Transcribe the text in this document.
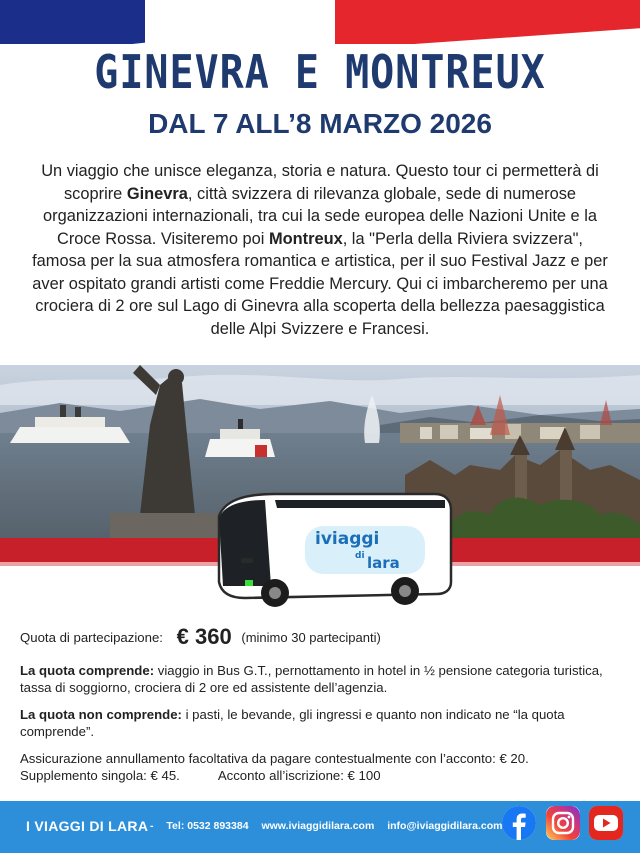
GINEVRA E MONTREUX
DAL 7 ALL’8 MARZO 2026

Un viaggio che unisce eleganza, storia e natura. Questo tour ci permetterà di scoprire Ginevra, città svizzera di rilevanza globale, sede di numerose organizzazioni internazionali, tra cui la sede europea delle Nazioni Unite e la Croce Rossa. Visiteremo poi Montreux, la "Perla della Riviera svizzera", famosa per la sua atmosfera romantica e artistica, per il suo Festival Jazz e per aver ospitato grandi artisti come Freddie Mercury. Qui ci imbarcheremo per una crociera di 2 ore sul Lago di Ginevra alla scoperta della bellezza paesaggistica delle Alpi Svizzere e Francesi.

iviaggi
di lara
Quota di partecipazione: € 360 (minimo 30 partecipanti)
La quota comprende: viaggio in Bus G.T., pernottamento in hotel in ½ pensione categoria turistica, tassa di soggiorno, crociera di 2 ore ed assistente dell’agenzia.
La quota non comprende: i pasti, le bevande, gli ingressi e quanto non indicato ne “la quota comprende”.
Assicurazione annullamento facoltativa da pagare contestualmente con l’acconto: € 20.
Supplemento singola: € 45.	Acconto all’iscrizione: € 100
I VIAGGI DI LARA - Tel: 0532 893384 www.iviaggidilara.com info@iviaggidilara.com
